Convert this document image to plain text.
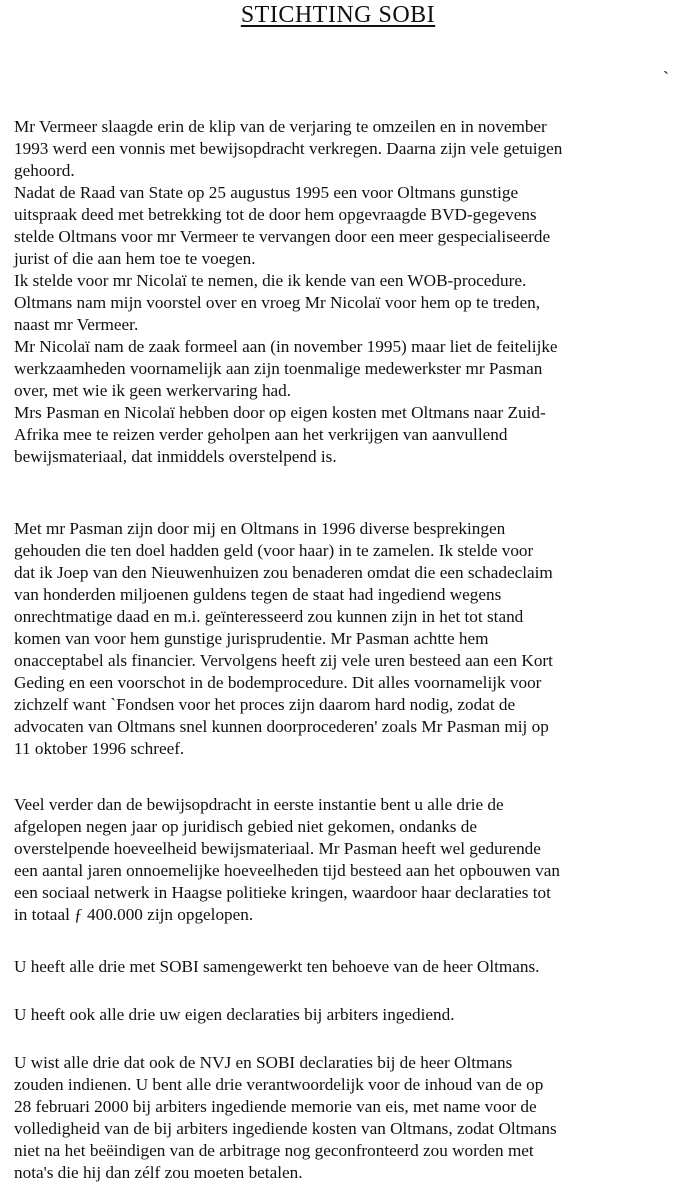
STICHTING SOBI
`
Mr Vermeer slaagde erin de klip van de verjaring te omzeilen en in november
1993 werd een vonnis met bewijsopdracht verkregen. Daarna zijn vele getuigen
gehoord.
Nadat de Raad van State op 25 augustus 1995 een voor Oltmans gunstige
uitspraak deed met betrekking tot de door hem opgevraagde BVD-gegevens
stelde Oltmans voor mr Vermeer te vervangen door een meer gespecialiseerde
jurist of die aan hem toe te voegen.
Ik stelde voor mr Nicolaï te nemen, die ik kende van een WOB-procedure.
Oltmans nam mijn voorstel over en vroeg Mr Nicolaï voor hem op te treden,
naast mr Vermeer.
Mr Nicolaï nam de zaak formeel aan (in november 1995) maar liet de feitelijke
werkzaamheden voornamelijk aan zijn toenmalige medewerkster mr Pasman
over, met wie ik geen werkervaring had.
Mrs Pasman en Nicolaï hebben door op eigen kosten met Oltmans naar Zuid-
Afrika mee te reizen verder geholpen aan het verkrijgen van aanvullend
bewijsmateriaal, dat inmiddels overstelpend is.
Met mr Pasman zijn door mij en Oltmans in 1996 diverse besprekingen
gehouden die ten doel hadden geld (voor haar) in te zamelen. Ik stelde voor
dat ik Joep van den Nieuwenhuizen zou benaderen omdat die een schadeclaim
van honderden miljoenen guldens tegen de staat had ingediend wegens
onrechtmatige daad en m.i. geïnteresseerd zou kunnen zijn in het tot stand
komen van voor hem gunstige jurisprudentie. Mr Pasman achtte hem
onacceptabel als financier. Vervolgens heeft zij vele uren besteed aan een Kort
Geding en een voorschot in de bodemprocedure. Dit alles voornamelijk voor
zichzelf want `Fondsen voor het proces zijn daarom hard nodig, zodat de
advocaten van Oltmans snel kunnen doorprocederen' zoals Mr Pasman mij op
11 oktober 1996 schreef.
Veel verder dan de bewijsopdracht in eerste instantie bent u alle drie de
afgelopen negen jaar op juridisch gebied niet gekomen, ondanks de
overstelpende hoeveelheid bewijsmateriaal. Mr Pasman heeft wel gedurende
een aantal jaren onnoemelijke hoeveelheden tijd besteed aan het opbouwen van
een sociaal netwerk in Haagse politieke kringen, waardoor haar declaraties tot
in totaal ƒ 400.000 zijn opgelopen.
U heeft alle drie met SOBI samengewerkt ten behoeve van de heer Oltmans.
U heeft ook alle drie uw eigen declaraties bij arbiters ingediend.
U wist alle drie dat ook de NVJ en SOBI declaraties bij de heer Oltmans
zouden indienen. U bent alle drie verantwoordelijk voor de inhoud van de op
28 februari 2000 bij arbiters ingediende memorie van eis, met name voor de
volledigheid van de bij arbiters ingediende kosten van Oltmans, zodat Oltmans
niet na het beëindigen van de arbitrage nog geconfronteerd zou worden met
nota's die hij dan zélf zou moeten betalen.
